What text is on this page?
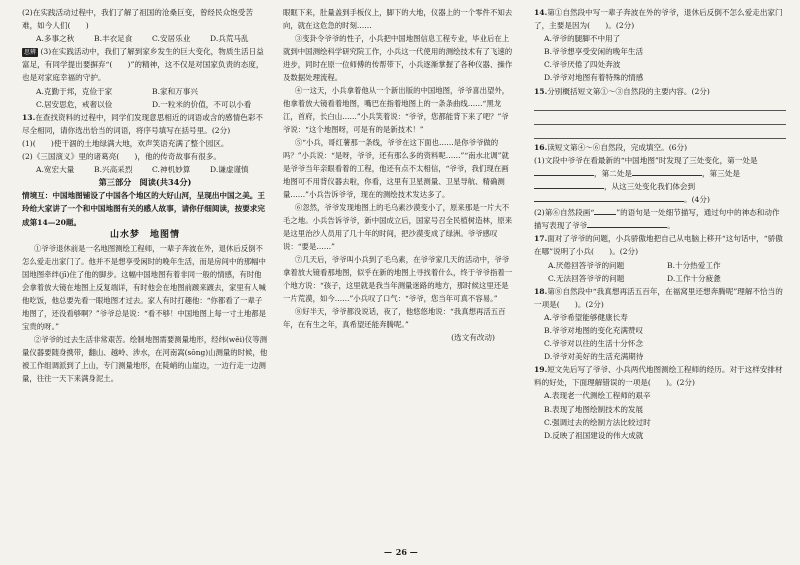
(2)在实践活动过程中，我们了解了祖国的沧桑巨变，曾经民众饱受苦难，如今人们(　　)

A.多事之秋	B.丰衣足食	C.安居乐业	D.兵荒马乱

思辨 (3)在实践活动中，我们了解到家乡发生的巨大变化，物质生活日益富足，有同学提出要摒弃“(　　)”的精神，这不仅是对国家负责的态度，也是对家庭幸福的守护。

A.克勤于邦，克俭于家	B.家和万事兴
C.居安思危，戒奢以俭	D.一粒米的价值，不可以小看

13.在查找资料的过程中，同学们发现意思相近的词语或含的感情色彩不尽全相同，请你选出恰当的词语，将序号填写在括号里。(2分)

(1)(　　)使干涸的土地绿满大地，欢声笑语充满了整个园区。

(2)《三国演义》里的诸葛亮(　　)，他的传奇故事有很多。

A.宽宏大量	B.兴高采烈	C.神机妙算	D.谦虚谨慎

第三部分　阅读(共34分)

情境互：中国地图铺设了中国各个地区的大好山河，呈现出中国之美。王玲给大家讲了一个和中国地图有关的感人故事，请你仔细阅读，按要求完成第14—20题。

山水梦　地图情

①爷爷退休前是一名地图测绘工程师，一辈子奔波在外，退休后反倒不怎么爱走出家门了。他并不是想享受闲时的晚年生活，而是房间中的那幅中国地图牵绊(jī)住了他的脚步。这幅中国地图有着非同一般的情感，有时他会拿着放大镜在地图上反复端详，有时他会在地图前踱来踱去，家里有人喊他吃饭，他总要先看一眼地图才过去。家人有时打趣他：“你都看了一辈子地图了，还没看够啊？”爷爷总是说：“看不够！中国地图上每一寸土地都是宝贵的呀。”

②爷爷的过去生活非常艰苦。绘制地图需要测量地形，经纬(wěi)仪等测量仪器要随身携带，翻山、越岭、涉水，在河南嵩(sōng)山测量的时候，他被工作组调派到了上山，专门测量地形，在陡峭的山崖边，一边行走一边测量，往往一天下来满身泥土。

眼眶下来，肚量盖到手板仪上，脚下的大地，仪器上的一个零件不知去向，就在这危急的时刻……

③变卦令爷爷的性子，小兵把中国地图信息工程专业，毕业后在上就到中国测绘科学研究院工作，小兵这一代使用的测绘技术有了飞速的进步，同时在原一位师傅的传帮带下，小兵逐渐掌握了各种仪器、操作及数据处理流程。

④一这天，小兵拿着他从一个新出版的中国地图，爷爷喜出望外，他拿着放大镜看着地图，嘴巴在指着地图上的一条条曲线……“黑龙江，首府，长白山……”小兵笑着说：“爷爷，您都能背下来了吧？”爷爷说：“这个地图呀，可是有的是新技术！”

⑤“小兵，哥红薯那一条线，爷爷在这下面也……是你爷爷做的吗？”小兵说：“是呀，爷爷，还有那么多的资料呢……”“南水北调”就是爷爷当年亲眼看着的工程，他还有点不太相信，“爷爷，我们现在画地图可不用背仪器去啦，你看，这里有卫星测量、卫星导航、精确测量……”小兵告诉爷爷，现在的测绘技术发达多了。

⑥忽然，爷爷发现地图上的毛乌素沙漠变小了，原来那是一片大不毛之地。小兵告诉爷爷，新中国成立后，国家号召全民植树造林，原来是这里治沙人员用了几十年的时间，把沙漠变成了绿洲。爷爷感叹说：“要是……”

⑦几天后，爷爷叫小兵到了毛乌素，在爷爷家几天的活动中，爷爷拿着放大镜看那地图，似乎在新的地图上寻找着什么，终于爷爷指着一个地方说：“孩子，这里就是我当年测量迷路的地方，那时候这里还是一片荒漠，如今……”小兵叹了口气：“爷爷，您当年可真不容易。”

⑧好半天，爷爷都没说话，夜了，他悠悠地说：“我真想再活五百年，在有生之年，真希望还能奔腾呢。”

(选文有改动)

14.第①自然段中写一辈子奔波在外的爷爷，退休后反倒不怎么爱走出家门了，主要是因为(　　)。(2分)

A.爷爷的腿脚不中用了

B.爷爷想享受安闲的晚年生活

C.爷爷厌倦了四处奔波

D.爷爷对地图有着特殊的情感

15.分别概括短文第①～③自然段的主要内容。(2分)

16.读短文第④～⑥自然段，完成填空。(6分)

(1)文段中爷爷在看最新的“中国地图”时发现了三处变化，第一处是，第二处是	，第三处是，从这三处变化我们体会到。(4分)

(2)第⑥自然段画“	”的语句是一处细节描写，通过句中的神态和动作描写表现了爷爷	。

17.面对了爷爷的问题，小兵骄傲地把自己从电脑上移开“这句话中，“骄傲在哪”说明了小兵(　　)。(2分)

A.厌倦回答爷爷的问题	B.十分热爱工作
C.无法回答爷爷的问题	D.工作十分疲惫

18.第⑧自然段中“我真想再活五百年，在福窝里还想奔腾呢”理解不恰当的一项是(　　)。(2分)

A.爷爷希望能够健康长寿

B.爷爷对地图的变化充满赞叹

C.爷爷对以往的生活十分怀念

D.爷爷对美好的生活充满期待

19.短文先后写了爷爷、小兵两代地图测绘工程师的经历。对于这样安排材料的好处，下面理解错误的一项是(　　)。(2分)

A.表现老一代测绘工程师的艰辛

B.表现了地图绘制技术的发展

C.强调过去的绘制方法比较过时

D.反映了祖国建设的伟大成就

— 26 —
